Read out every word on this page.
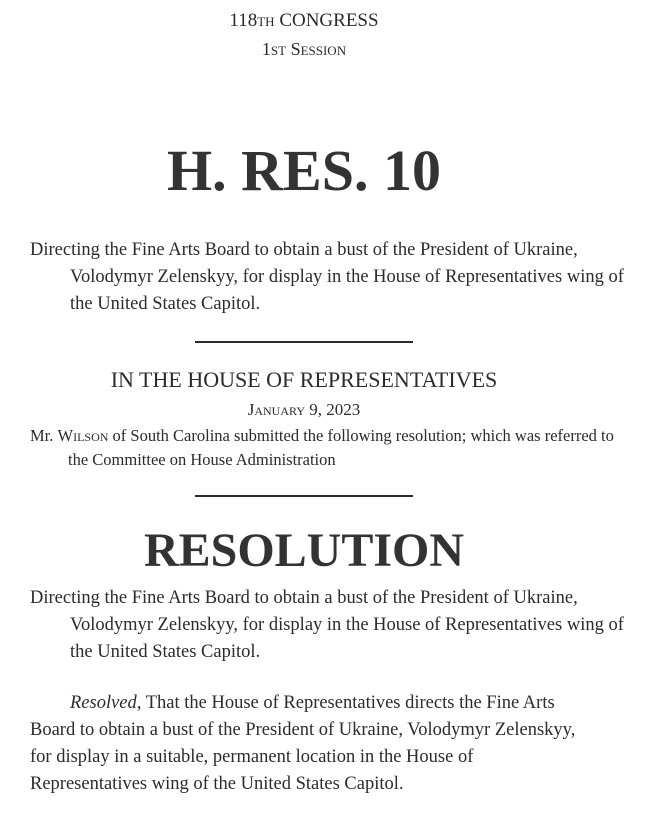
118th CONGRESS
1st Session
H. RES. 10
Directing the Fine Arts Board to obtain a bust of the President of Ukraine, Volodymyr Zelenskyy, for display in the House of Representatives wing of the United States Capitol.
IN THE HOUSE OF REPRESENTATIVES
January 9, 2023
Mr. Wilson of South Carolina submitted the following resolution; which was referred to the Committee on House Administration
RESOLUTION
Directing the Fine Arts Board to obtain a bust of the President of Ukraine, Volodymyr Zelenskyy, for display in the House of Representatives wing of the United States Capitol.
Resolved, That the House of Representatives directs the Fine Arts Board to obtain a bust of the President of Ukraine, Volodymyr Zelenskyy, for display in a suitable, permanent location in the House of Representatives wing of the United States Capitol.
